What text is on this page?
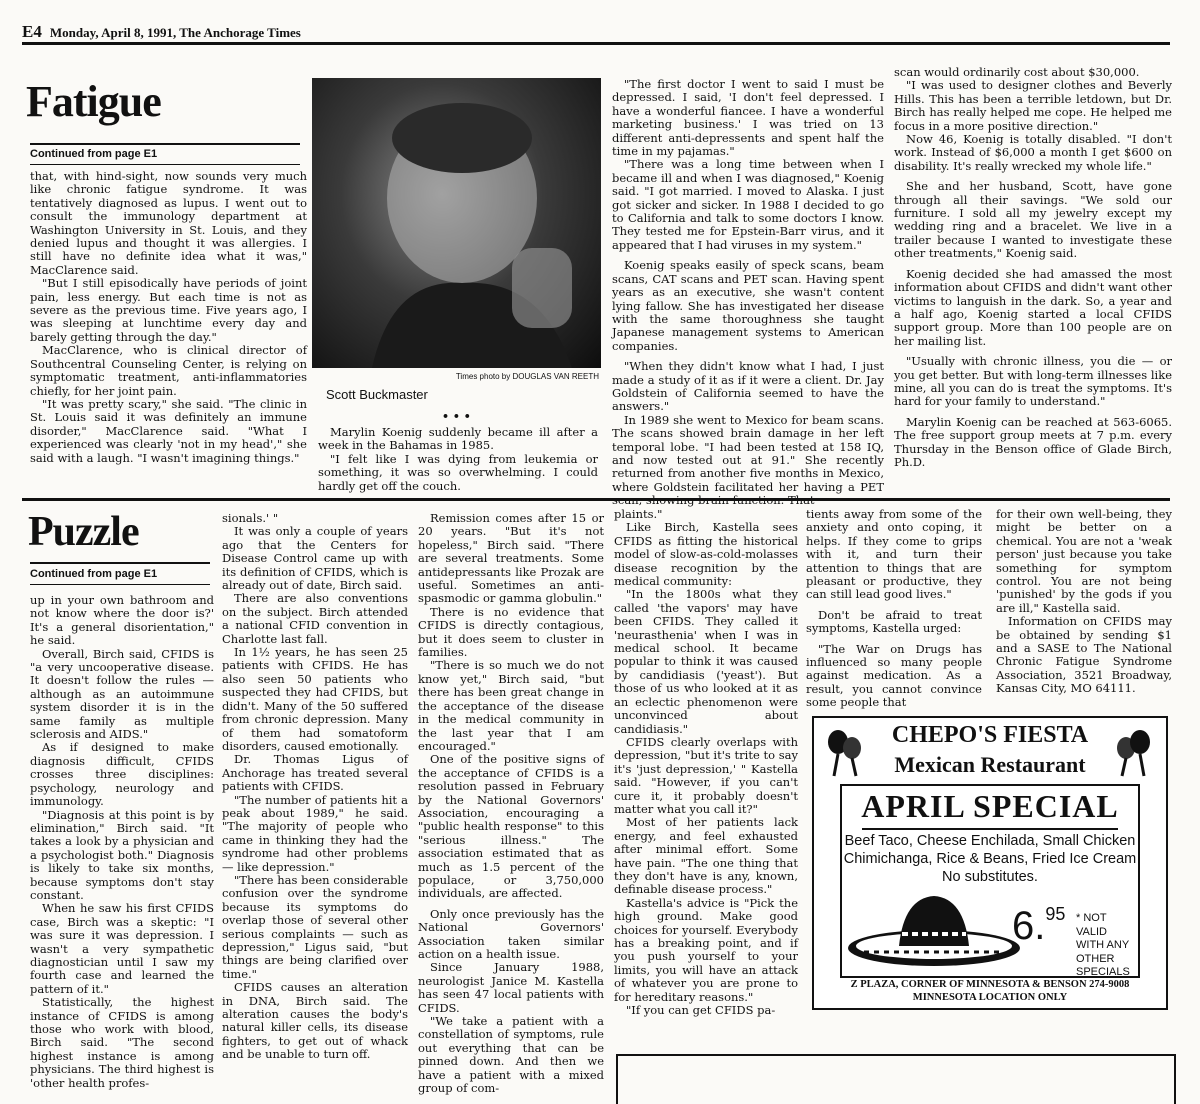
E4 Monday, April 8, 1991, The Anchorage Times
Fatigue
Continued from page E1

that, with hind-sight, now sounds very much like chronic fatigue syndrome. It was tentatively diagnosed as lupus. I went out to consult the immunology department at Washington University in St. Louis, and they denied lupus and thought it was allergies. I still have no definite idea what it was," MacClarence said.

"But I still episodically have periods of joint pain, less energy. But each time is not as severe as the previous time. Five years ago, I was sleeping at lunchtime every day and barely getting through the day."

MacClarence, who is clinical director of Southcentral Counseling Center, is relying on symptomatic treatment, anti-inflammatories chiefly, for her joint pain.

"It was pretty scary," she said. "The clinic in St. Louis said it was definitely an immune disorder," MacClarence said. "What I experienced was clearly 'not in my head'," she said with a laugh. "I wasn't imagining things."

Times photo by DOUGLAS VAN REETH
Scott Buckmaster
• • •

Marylin Koenig suddenly became ill after a week in the Bahamas in 1985.

"I felt like I was dying from leukemia or something, it was so overwhelming. I could hardly get off the couch.

"The first doctor I went to said I must be depressed. I said, 'I don't feel depressed. I have a wonderful fiancee. I have a wonderful marketing business.' I was tried on 13 different anti-depressents and spent half the time in my pajamas."

"There was a long time between when I became ill and when I was diagnosed," Koenig said. "I got married. I moved to Alaska. I just got sicker and sicker. In 1988 I decided to go to California and talk to some doctors I know. They tested me for Epstein-Barr virus, and it appeared that I had viruses in my system."

Koenig speaks easily of speck scans, beam scans, CAT scans and PET scan. Having spent years as an executive, she wasn't content lying fallow. She has investigated her disease with the same thoroughness she taught Japanese management systems to American companies.

"When they didn't know what I had, I just made a study of it as if it were a client. Dr. Jay Goldstein of California seemed to have the answers."

In 1989 she went to Mexico for beam scans. The scans showed brain damage in her left temporal lobe. "I had been tested at 158 IQ, and now tested out at 91." She recently returned from another five months in Mexico, where Goldstein facilitated her having a PET

scan would ordinarily cost about $30,000.

"I was used to designer clothes and Beverly Hills. This has been a terrible letdown, but Dr. Birch has really helped me cope. He helped me focus in a more positive direction."

Now 46, Koenig is totally disabled. "I don't work. Instead of $6,000 a month I get $600 on disability. It's really wrecked my whole life."

She and her husband, Scott, have gone through all their savings. "We sold our furniture. I sold all my jewelry except my wedding ring and a bracelet. We live in a trailer because I wanted to investigate these other treatments," Koenig said.

Koenig decided she had amassed the most information about CFIDS and didn't want other victims to languish in the dark. So, a year and a half ago, Koenig started a local CFIDS support group. More than 100 people are on her mailing list.

"Usually with chronic illness, you die — or you get better. But with long-term illnesses like mine, all you can do is treat the symptoms. It's hard for your family to understand."

Marylin Koenig can be reached at 563-6065. The free support group meets at 7 p.m. every Thursday in the Benson office of Glade Birch, Ph.D.

Puzzle
Continued from page E1

up in your own bathroom and not know where the door is?' It's a general disorientation," he said.

Overall, Birch said, CFIDS is "a very uncooperative disease. It doesn't follow the rules — although as an autoimmune system disorder it is in the same family as multiple sclerosis and AIDS."

As if designed to make diagnosis difficult, CFIDS crosses three disciplines: psychology, neurology and immunology.

"Diagnosis at this point is by elimination," Birch said. "It takes a look by a physician and a psychologist both." Diagnosis is likely to take six months, because symptoms don't stay constant.

When he saw his first CFIDS case, Birch was a skeptic: "I was sure it was depression. I wasn't a very sympathetic diagnostician until I saw my fourth case and learned the pattern of it."

Statistically, the highest instance of CFIDS is among those who work with blood, Birch said. "The second highest instance is among physicians. The third highest is 'other health profes-

sionals.' "

It was only a couple of years ago that the Centers for Disease Control came up with its definition of CFIDS, which is already out of date, Birch said.

There are also conventions on the subject. Birch attended a national CFID convention in Charlotte last fall.

In 1½ years, he has seen 25 patients with CFIDS. He has also seen 50 patients who suspected they had CFIDS, but didn't. Many of the 50 suffered from chronic depression. Many of them had somatoform disorders, caused emotionally.

Dr. Thomas Ligus of Anchorage has treated several patients with CFIDS.

"The number of patients hit a peak about 1989," he said. "The majority of people who came in thinking they had the syndrome had other problems — like depression."

"There has been considerable confusion over the syndrome because its symptoms do overlap those of several other serious complaints — such as depression," Ligus said, "but things are being clarified over time."

CFIDS causes an alteration in DNA, Birch said. The alteration causes the body's natural killer cells, its disease fighters, to get out of whack and be unable to turn off.

Remission comes after 15 or 20 years. "But it's not hopeless," Birch said. "There are several treatments. Some antidepressants like Prozak are useful. Sometimes an anti-spasmodic or gamma globulin."

There is no evidence that CFIDS is directly contagious, but it does seem to cluster in families.

"There is so much we do not know yet," Birch said, "but there has been great change in the acceptance of the disease in the medical community in the last year that I am encouraged."

One of the positive signs of the acceptance of CFIDS is a resolution passed in February by the National Governors' Association, encouraging a "public health response" to this "serious illness." The association estimated that as much as 1.5 percent of the populace, or 3,750,000 individuals, are affected.

Only once previously has the National Governors' Association taken similar action on a health issue.

Since January 1988, neurologist Janice M. Kastella has seen 47 local patients with CFIDS.

"We take a patient with a constellation of symptoms, rule out everything that can be pinned down. And then we have a patient with a mixed group of com-

plaints."

Like Birch, Kastella sees CFIDS as fitting the historical model of slow-as-cold-molasses disease recognition by the medical community:

"In the 1800s what they called 'the vapors' may have been CFIDS. They called it 'neurasthenia' when I was in medical school. It became popular to think it was caused by candidiasis ('yeast'). But those of us who looked at it as an eclectic phenomenon were unconvinced about candidiasis."

CFIDS clearly overlaps with depression, "but it's trite to say it's 'just depression,' " Kastella said. "However, if you can't cure it, it probably doesn't matter what you call it?"

Most of her patients lack energy, and feel exhausted after minimal effort. Some have pain. "The one thing that they don't have is any, known, definable disease process."

Kastella's advice is "Pick the high ground. Make good choices for yourself. Everybody has a breaking point, and if you push yourself to your limits, you will have an attack of whatever you are prone to for hereditary reasons."

"If you can get CFIDS pa-

tients away from some of the anxiety and onto coping, it helps. If they come to grips with it, and turn their attention to things that are pleasant or productive, they can still lead good lives."

Don't be afraid to treat symptoms, Kastella urged:

"The War on Drugs has influenced so many people against medication. As a result, you cannot convince some people that

for their own well-being, they might be better on a chemical. You are not a 'weak person' just because you take something for symptom control. You are not being 'punished' by the gods if you are ill," Kastella said.

Information on CFIDS may be obtained by sending $1 and a SASE to The National Chronic Fatigue Syndrome Association, 3521 Broadway, Kansas City, MO 64111.

CHEPO'S FIESTA
Mexican Restaurant
APRIL SPECIAL
Beef Taco, Cheese Enchilada, Small Chicken
Chimichanga, Rice & Beans, Fried Ice Cream
No substitutes.
6.95 * NOT VALID
WITH ANY
OTHER
SPECIALS
Z PLAZA, CORNER OF MINNESOTA & BENSON 274-9008
MINNESOTA LOCATION ONLY
